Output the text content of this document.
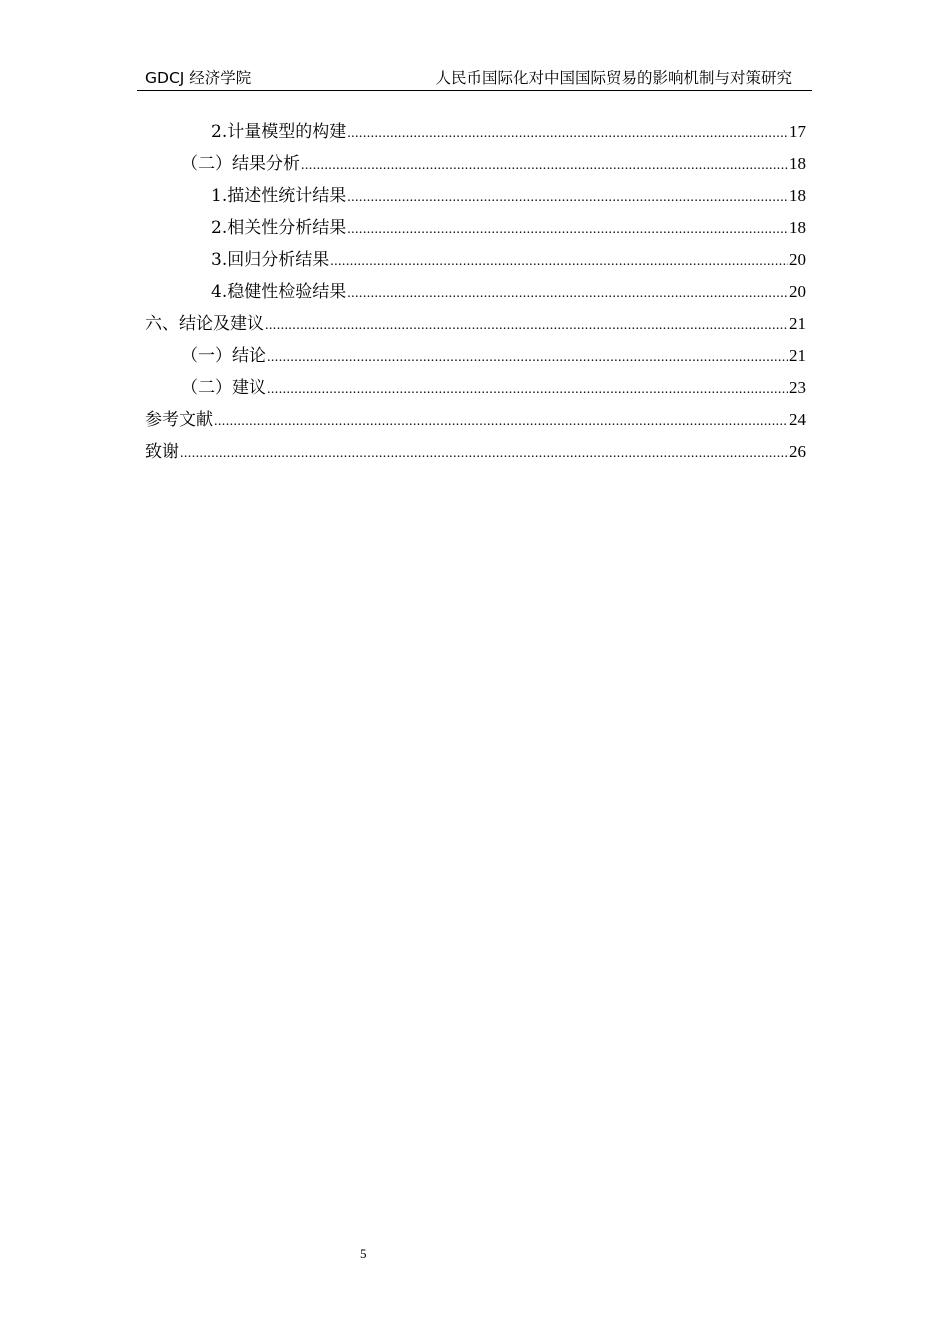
GDCJ 经济学院	人民币国际化对中国国际贸易的影响机制与对策研究
2.计量模型的构建 .....	17
（二）结果分析 .....	18
1.描述性统计结果 .....	18
2.相关性分析结果 .....	18
3.回归分析结果 .....	20
4.稳健性检验结果 .....	20
六、结论及建议 .....	21
（一）结论 .....	21
（二）建议 .....	23
参考文献 .....	24
致谢 .....	26
5
